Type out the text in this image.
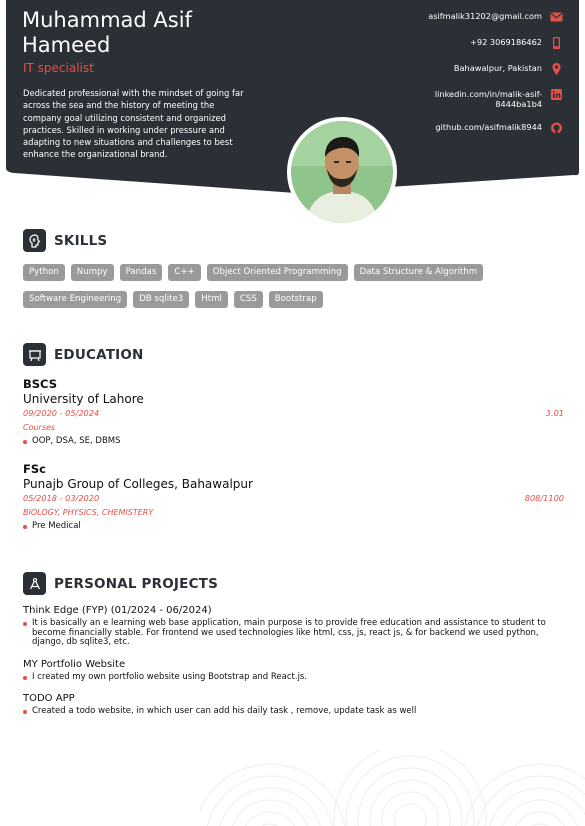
Muhammad Asif Hameed
IT specialist
Dedicated professional with the mindset of going far across the sea and the history of meeting the company goal utilizing consistent and organized practices. Skilled in working under pressure and adapting to new situations and challenges to best enhance the organizational brand.
asifmalik31202@gmail.com
+92 3069186462
Bahawalpur, Pakistan
linkedin.com/in/malik-asif-8444ba1b4
github.com/asifmalik8944
SKILLS
Python	Numpy	Pandas	C++	Object Oriented Programming	Data Structure & Algorithm
Software Engineering	DB sqlite3	Html	CSS	Bootstrap
EDUCATION
BSCS
University of Lahore
09/2020 - 05/2024	3.01
Courses
OOP, DSA, SE, DBMS
FSc
Punajb Group of Colleges, Bahawalpur
05/2018 - 03/2020	808/1100
BIOLOGY, PHYSICS, CHEMISTERY
Pre Medical
PERSONAL PROJECTS
Think Edge (FYP) (01/2024 - 06/2024)
It is basically an e learning web base application, main purpose is to provide free education and assistance to student to become financially stable. For frontend we used technologies like html, css, js, react js, & for backend we used python, django, db sqlite3, etc.
MY Portfolio Website
I created my own portfolio website using Bootstrap and React.js.
TODO APP
Created a todo website, in which user can add his daily task , remove, update task as well
